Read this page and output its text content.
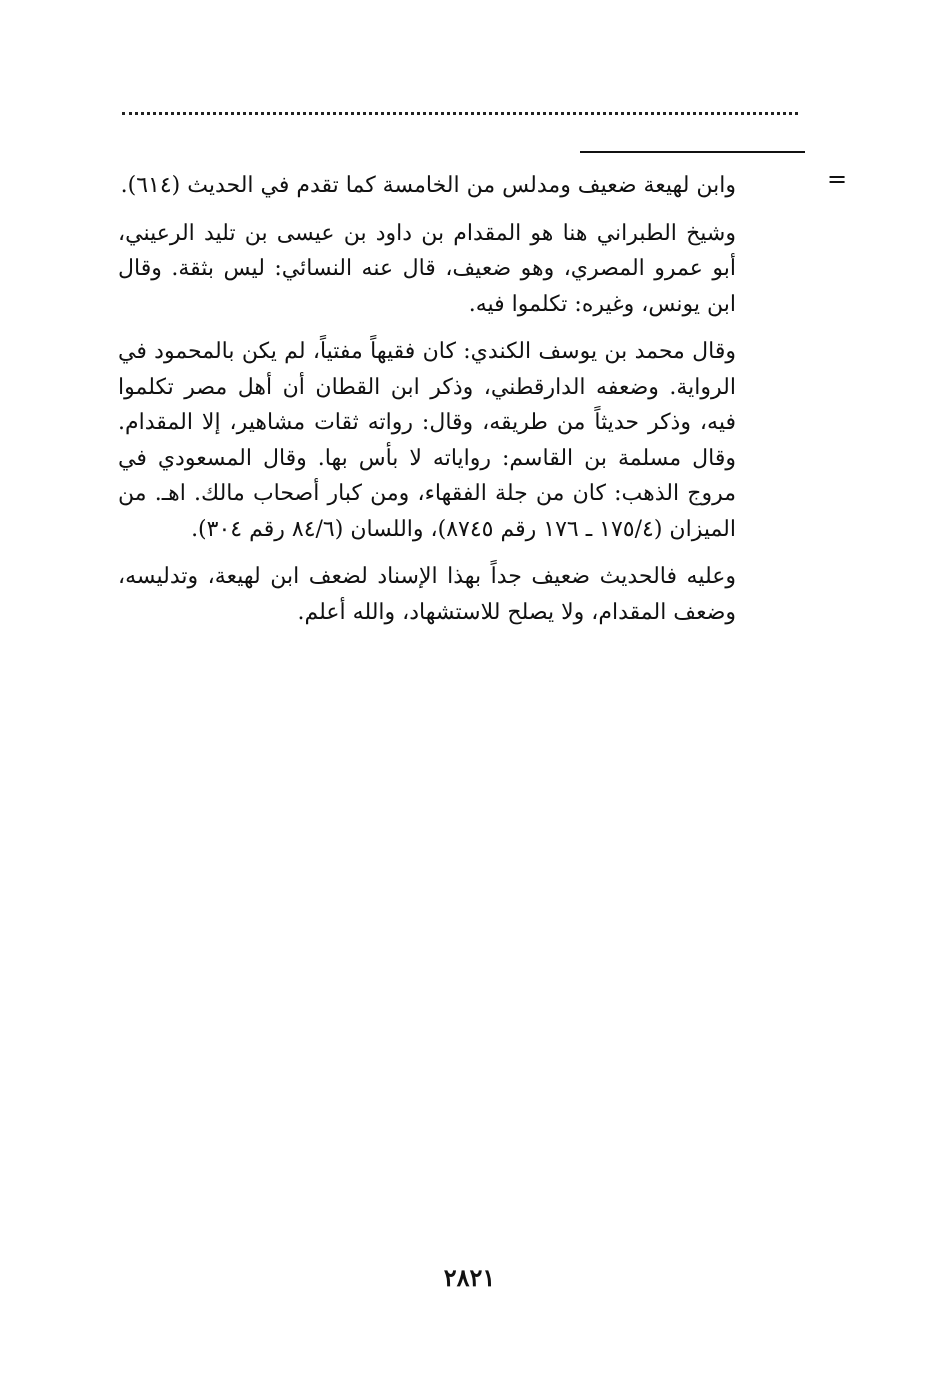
=

وابن لهيعة ضعيف ومدلس من الخامسة كما تقدم في الحديث (٦١٤).

وشيخ الطبراني هنا هو المقدام بن داود بن عيسى بن تليد الرعيني، أبو عمرو المصري، وهو ضعيف، قال عنه النسائي: ليس بثقة. وقال ابن يونس، وغيره: تكلموا فيه.

وقال محمد بن يوسف الكندي: كان فقيهاً مفتياً، لم يكن بالمحمود في الرواية. وضعفه الدارقطني، وذكر ابن القطان أن أهل مصر تكلموا فيه، وذكر حديثاً من طريقه، وقال: رواته ثقات مشاهير، إلا المقدام. وقال مسلمة بن القاسم: رواياته لا بأس بها. وقال المسعودي في مروج الذهب: كان من جلة الفقهاء، ومن كبار أصحاب مالك. اهـ. من الميزان (١٧٥/٤ ـ ١٧٦ رقم ٨٧٤٥)، واللسان (٨٤/٦ رقم ٣٠٤).

وعليه فالحديث ضعيف جداً بهذا الإسناد لضعف ابن لهيعة، وتدليسه، وضعف المقدام، ولا يصلح للاستشهاد، والله أعلم.

٢٨٢١
